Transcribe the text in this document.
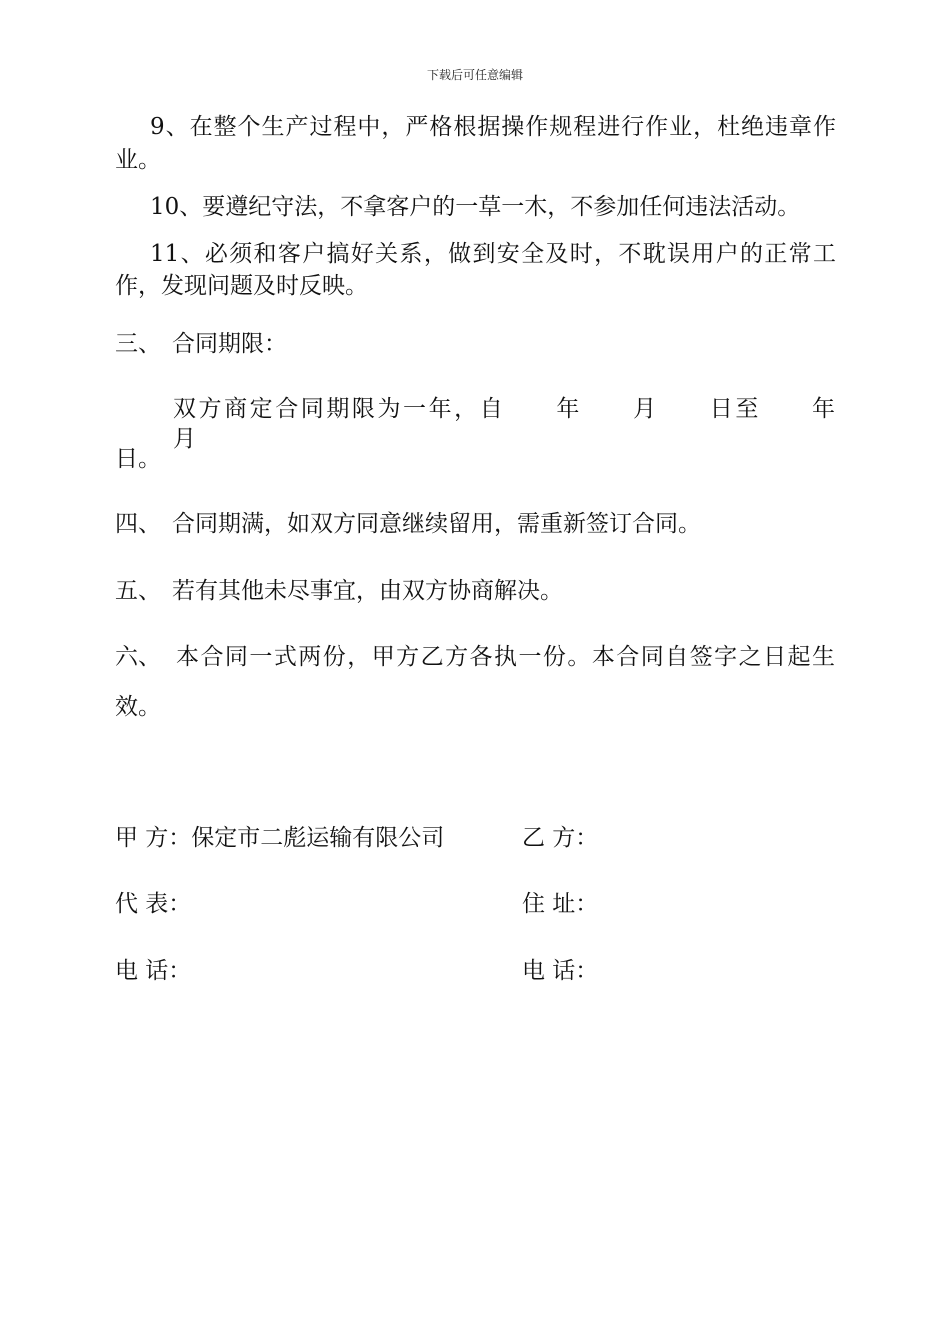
下载后可任意编辑
9、在整个生产过程中，严格根据操作规程进行作业，杜绝违章作
业。
10、要遵纪守法，不拿客户的一草一木，不参加任何违法活动。
11、必须和客户搞好关系，做到安全及时，不耽误用户的正常工
作，发现问题及时反映。
三、 合同期限：
双方商定合同期限为一年，自　　年　　月　　日至　　年　　月
日。
四、 合同期满，如双方同意继续留用，需重新签订合同。
五、 若有其他未尽事宜，由双方协商解决。
六、 本合同一式两份，甲方乙方各执一份。本合同自签字之日起生
效。
甲 方：保定市二彪运输有限公司	乙 方：
代 表：	住 址：
电 话：	电 话：
